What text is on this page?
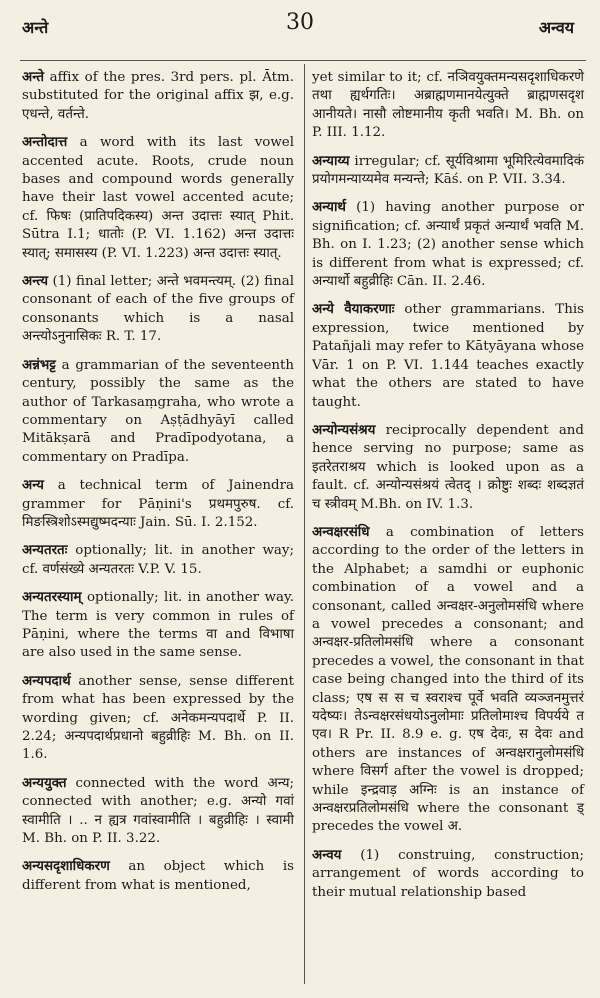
अन्ते	30	अन्वय

अन्ते affix of the pres. 3rd pers. pl. Ātm. substituted for the original affix झ, e.g. एधन्ते, वर्तन्ते.

अन्तोदात्त a word with its last vowel accented acute. Roots, crude noun bases and compound words generally have their last vowel accented acute; cf. फिषः (प्रातिपदिकस्य) अन्त उदात्तः स्यात् Phit. Sūtra I.1; धातोः (P. VI. 1.162) अन्त उदात्तः स्यात्; समासस्य (P. VI. 1.223) अन्त उदात्तः स्यात्.

अन्त्य (1) final letter; अन्ते भवमन्त्यम्. (2) final consonant of each of the five groups of consonants which is a nasal अन्त्योऽनुनासिकः R. T. 17.

अन्नंभट्ट a grammarian of the seventeenth century, possibly the same as the author of Tarkasaṃgraha, who wrote a commentary on Aṣṭādhyāyī called Mitākṣarā and Pradīpodyotana, a commentary on Pradīpa.

अन्य a technical term of Jainendra grammer for Pāṇini's प्रथमपुरुष. cf. मिङस्त्रिशोऽस्मद्युष्मदन्याः Jain. Sū. I. 2.152.

अन्यतरतः optionally; lit. in another way; cf. वर्णसंख्ये अन्यतरतः V.P. V. 15.

अन्यतरस्याम् optionally; lit. in another way. The term is very common in rules of Pāṇini, where the terms वा and विभाषा are also used in the same sense.

अन्यपदार्थ another sense, sense different from what has been expressed by the wording given; cf. अनेकमन्यपदार्थे P. II. 2.24; अन्यपदार्थप्रधानो बहुव्रीहिः M. Bh. on II. 1.6.

अन्ययुक्त connected with the word अन्य; connected with another; e.g. अन्यो गवां स्वामीति । .. न ह्यत्र गवांस्वामीति । बहुव्रीहिः । स्वामी M. Bh. on P. II. 3.22.

अन्यसदृशाधिकरण an object which is different from what is mentioned,

yet similar to it; cf. नञिवयुक्तमन्यसदृशाधिकरणे तथा ह्यर्थगतिः। अब्राह्मणमानयेत्युक्ते ब्राह्मणसदृश आनीयते। नासौ लोष्टमानीय कृती भवति। M. Bh. on P. III. 1.12.

अन्याय्य irregular; cf. सूर्यविश्रामा भूमिरित्येवमादिकं प्रयोगमन्याय्यमेव मन्यन्ते; Kāś. on P. VII. 3.34.

अन्यार्थ (1) having another purpose or signification; cf. अन्यार्थं प्रकृतं अन्यार्थं भवति M. Bh. on I. 1.23; (2) another sense which is different from what is expressed; cf. अन्यार्थो बहुव्रीहिः Cān. II. 2.46.

अन्ये वैयाकरणाः other grammarians. This expression, twice mentioned by Patañjali may refer to Kātyāyana whose Vār. 1 on P. VI. 1.144 teaches exactly what the others are stated to have taught.

अन्योन्यसंश्रय reciprocally dependent and hence serving no purpose; same as इतरेतराश्रय which is looked upon as a fault. cf. अन्योन्यसंश्रयं त्वेतद् । क्रोष्टुः शब्दः शब्दज्ञतं च स्त्रीवम् M.Bh. on IV. 1.3.

अन्वक्षरसंधि a combination of letters according to the order of the letters in the Alphabet; a samdhi or euphonic combination of a vowel and a consonant, called अन्वक्षर-अनुलोमसंधि where a vowel precedes a consonant; and अन्वक्षर-प्रतिलोमसंधि where a consonant precedes a vowel, the consonant in that case being changed into the third of its class; एष स स च स्वराश्च पूर्वे भवति व्यञ्जनमुत्तरं यदेष्यः। तेऽन्वक्षरसंधयोऽनुलोमाः प्रतिलोमाश्च विपर्यये त एव। R Pr. II. 8.9 e. g. एष देवः, स देवः and others are instances of अन्वक्षरानुलोमसंधि where विसर्ग after the vowel is dropped; while इन्द्रवाड़ अग्निः is an instance of अन्वक्षरप्रतिलोमसंधि where the consonant ड् precedes the vowel अ.

अन्वय (1) construing, construction; arrangement of words according to their mutual relationship based
